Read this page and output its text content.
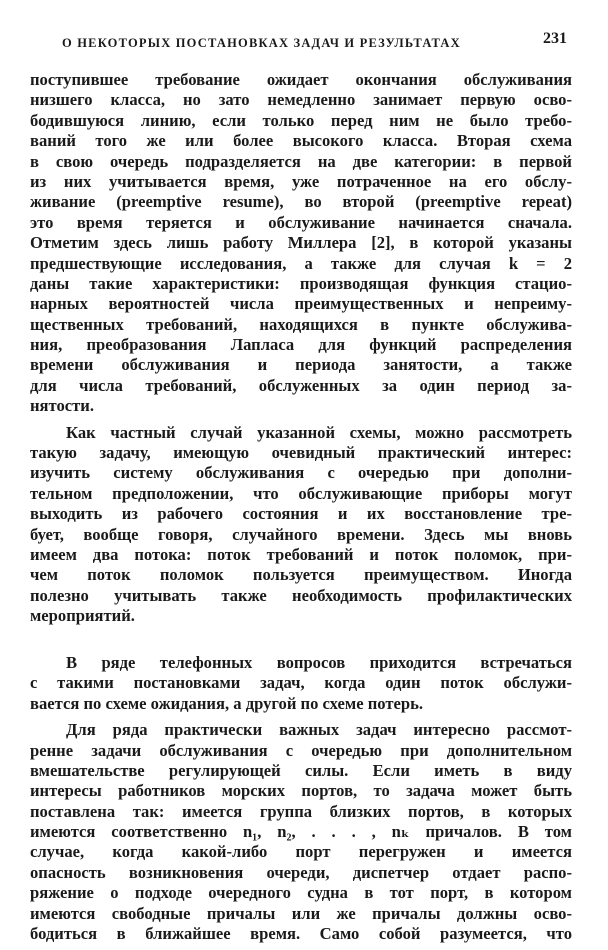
О НЕКОТОРЫХ ПОСТАНОВКАХ ЗАДАЧ И РЕЗУЛЬТАТАХ	231
поступившее требование ожидает окончания обслуживания
низшего класса, но зато немедленно занимает первую осво-
бодившуюся линию, если только перед ним не было требо-
ваний того же или более высокого класса. Вторая схема
в свою очередь подразделяется на две категории: в первой
из них учитывается время, уже потраченное на его обслу-
живание (preemptive resume), во второй (preemptive repeat)
это время теряется и обслуживание начинается сначала.
Отметим здесь лишь работу Миллера [2], в которой указаны
предшествующие исследования, а также для случая k = 2
даны такие характеристики: производящая функция стацио-
нарных вероятностей числа преимущественных и непреиму-
щественных требований, находящихся в пункте обслужива-
ния, преобразования Лапласа для функций распределения
времени обслуживания и периода занятости, а также
для числа требований, обслуженных за один период за-
нятости.
Как частный случай указанной схемы, можно рассмотреть
такую задачу, имеющую очевидный практический интерес:
изучить систему обслуживания с очередью при дополни-
тельном предположении, что обслуживающие приборы могут
выходить из рабочего состояния и их восстановление тре-
бует, вообще говоря, случайного времени. Здесь мы вновь
имеем два потока: поток требований и поток поломок, при-
чем поток поломок пользуется преимуществом. Иногда
полезно учитывать также необходимость профилактических
мероприятий.
В ряде телефонных вопросов приходится встречаться
с такими постановками задач, когда один поток обслужи-
вается по схеме ожидания, а другой по схеме потерь.
Для ряда практически важных задач интересно рассмот-
ренне задачи обслуживания с очередью при дополнительном
вмешательстве регулирующей силы. Если иметь в виду
интересы работников морских портов, то задача может быть
поставлена так: имеется группа близких портов, в которых
имеются соответственно n₁, n₂, . . . , nₖ причалов. В том
случае, когда какой-либо порт перегружен и имеется
опасность возникновения очереди, диспетчер отдает распо-
ряжение о подходе очередного судна в тот порт, в котором
имеются свободные причалы или же причалы должны осво-
бодиться в ближайшее время. Само собой разумеется, что
